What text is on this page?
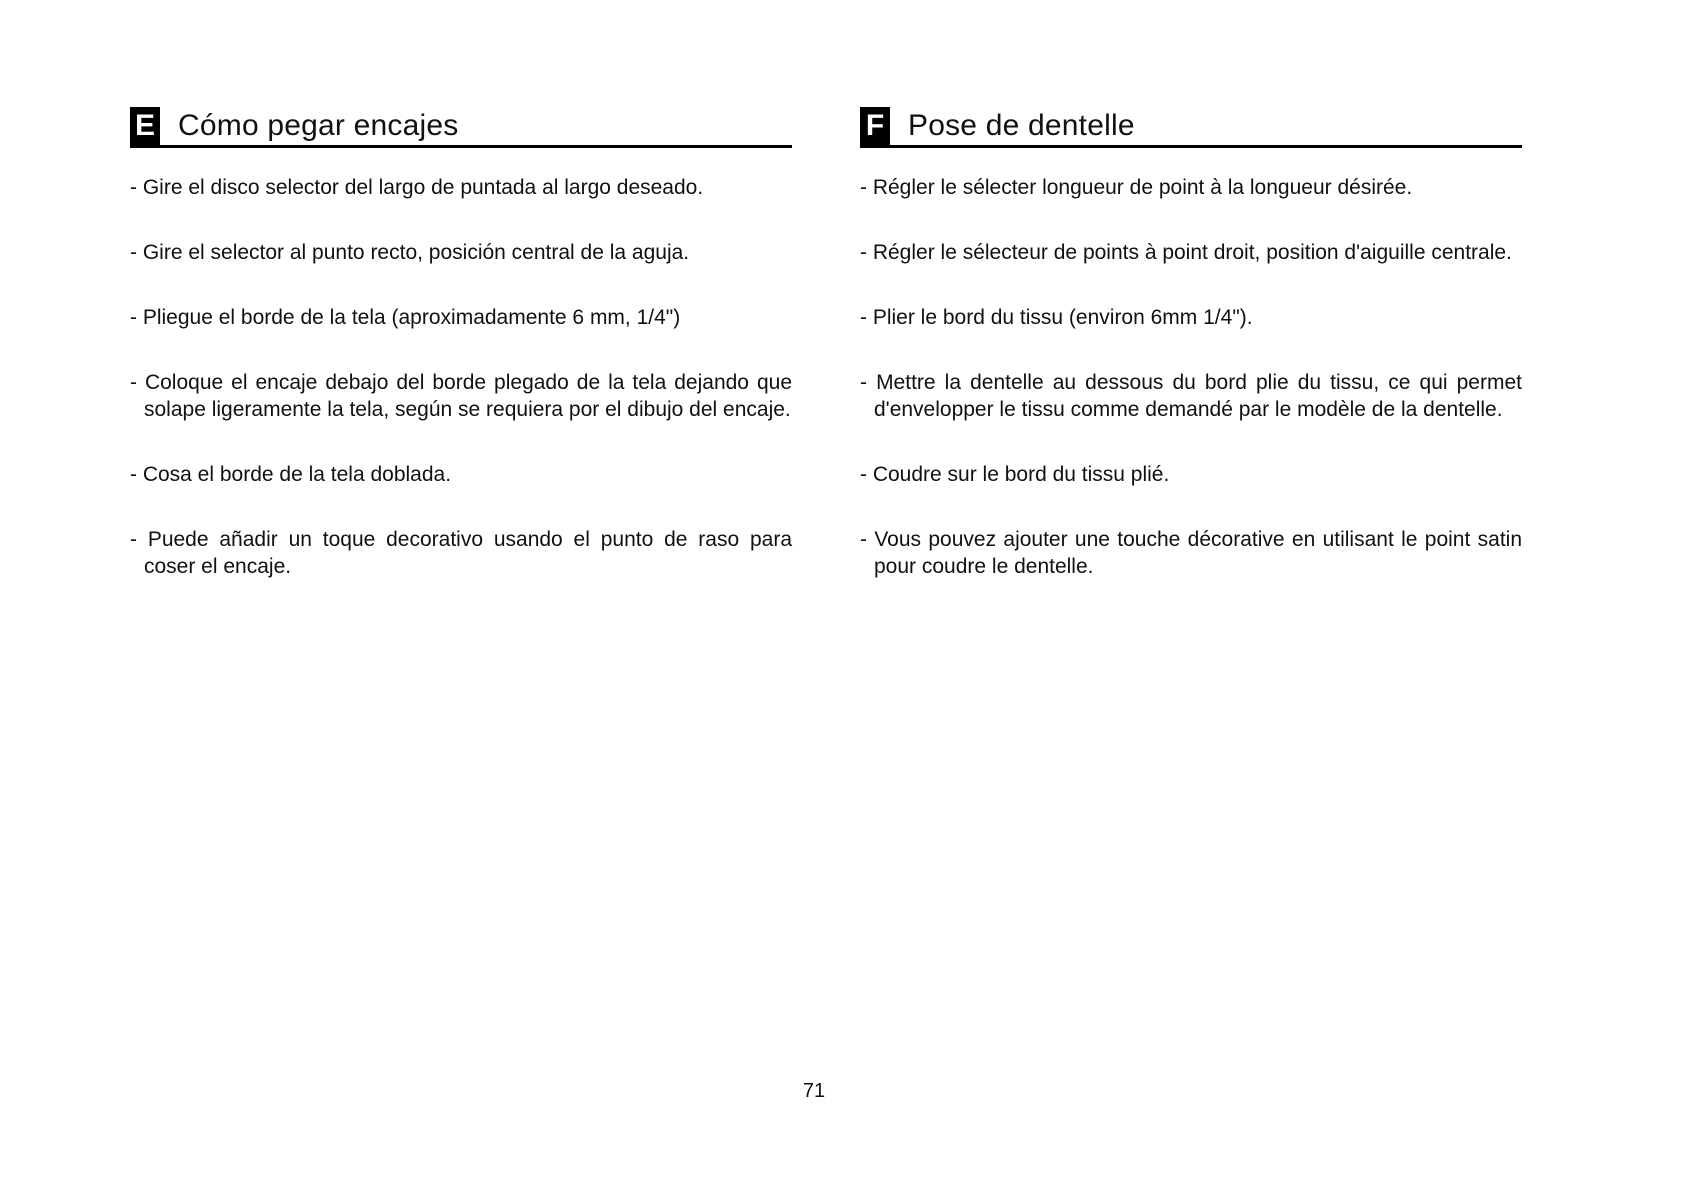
E Cómo pegar encajes
- Gire el disco selector del largo de puntada al largo deseado.
- Gire el selector al punto recto, posición central de la aguja.
- Pliegue el borde de la tela (aproximadamente 6 mm, 1/4")
- Coloque el encaje debajo del borde plegado de la tela dejando que solape ligeramente la tela, según se requiera por el dibujo del encaje.
- Cosa el borde de la tela doblada.
- Puede añadir un toque decorativo usando el punto de raso para coser el encaje.
F Pose de dentelle
- Régler le sélecter longueur de point à la longueur désirée.
- Régler le sélecteur de points à point droit, position d'aiguille centrale.
- Plier le bord du tissu (environ 6mm 1/4").
- Mettre la dentelle au dessous du bord plie du tissu, ce qui permet d'envelopper le tissu comme demandé par le modèle de la dentelle.
- Coudre sur le bord du tissu plié.
- Vous pouvez ajouter une touche décorative en utilisant le point satin pour coudre le dentelle.
71
